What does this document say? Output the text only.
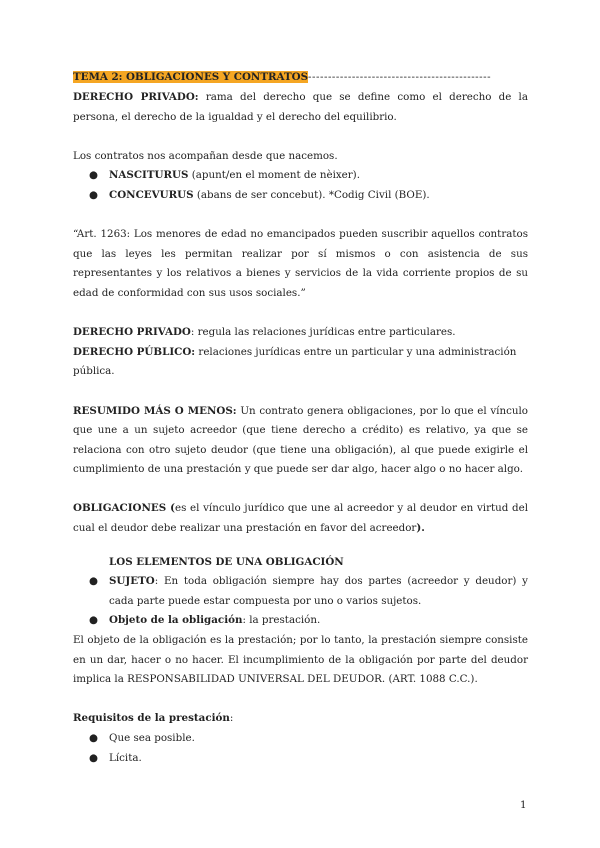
TEMA 2: OBLIGACIONES Y CONTRATOS----------------------------------------------
DERECHO PRIVADO: rama del derecho que se define como el derecho de la persona, el derecho de la igualdad y el derecho del equilibrio.
Los contratos nos acompañan desde que nacemos.
● NASCITURUS (apunt/en el moment de nèixer).
● CONCEVURUS (abans de ser concebut). *Codig Civil (BOE).
“Art. 1263: Los menores de edad no emancipados pueden suscribir aquellos contratos que las leyes les permitan realizar por sí mismos o con asistencia de sus representantes y los relativos a bienes y servicios de la vida corriente propios de su edad de conformidad con sus usos sociales.”
DERECHO PRIVADO: regula las relaciones jurídicas entre particulares.
DERECHO PÚBLICO: relaciones jurídicas entre un particular y una administración pública.
RESUMIDO MÁS O MENOS: Un contrato genera obligaciones, por lo que el vínculo que une a un sujeto acreedor (que tiene derecho a crédito) es relativo, ya que se relaciona con otro sujeto deudor (que tiene una obligación), al que puede exigirle el cumplimiento de una prestación y que puede ser dar algo, hacer algo o no hacer algo.
OBLIGACIONES (es el vínculo jurídico que une al acreedor y al deudor en virtud del cual el deudor debe realizar una prestación en favor del acreedor).
LOS ELEMENTOS DE UNA OBLIGACIÓN
● SUJETO: En toda obligación siempre hay dos partes (acreedor y deudor) y cada parte puede estar compuesta por uno o varios sujetos.
● Objeto de la obligación: la prestación.
El objeto de la obligación es la prestación; por lo tanto, la prestación siempre consiste en un dar, hacer o no hacer. El incumplimiento de la obligación por parte del deudor implica la RESPONSABILIDAD UNIVERSAL DEL DEUDOR. (ART. 1088 C.C.).
Requisitos de la prestación:
● Que sea posible.
● Lícita.
1
